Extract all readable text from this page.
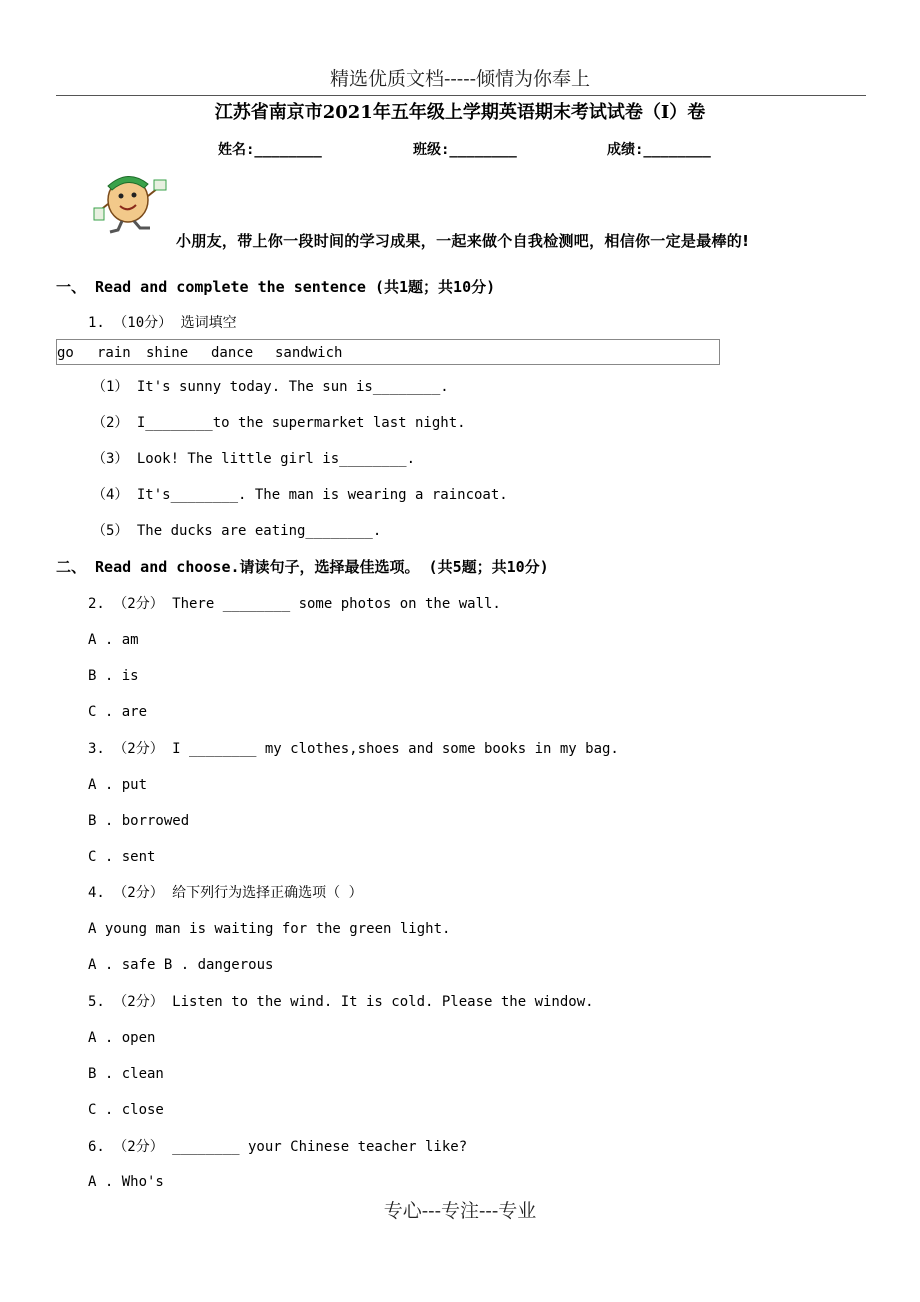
精选优质文档-----倾情为你奉上
江苏省南京市2021年五年级上学期英语期末考试试卷（I）卷
姓名:________	班级:________	成绩:________
小朋友，带上你一段时间的学习成果，一起来做个自我检测吧，相信你一定是最棒的!
一、 Read and complete the sentence (共1题；共10分)
1. （10分） 选词填空
go rain shine dance sandwich
（1） It's sunny today. The sun is________.
（2） I________to the supermarket last night.
（3） Look! The little girl is________.
（4） It's________. The man is wearing a raincoat.
（5） The ducks are eating________.
二、 Read and choose.请读句子，选择最佳选项。 (共5题；共10分)
2. （2分） There ________ some photos on the wall.
A . am
B . is
C . are
3. （2分） I ________ my clothes,shoes and some books in my bag.
A . put
B . borrowed
C . sent
4. （2分） 给下列行为选择正确选项（ ）
A young man is waiting for the green light.
A . safe B . dangerous
5. （2分） Listen to the wind. It is cold. Please the window.
A . open
B . clean
C . close
6. （2分） ________ your Chinese teacher like?
A . Who's
专心---专注---专业
